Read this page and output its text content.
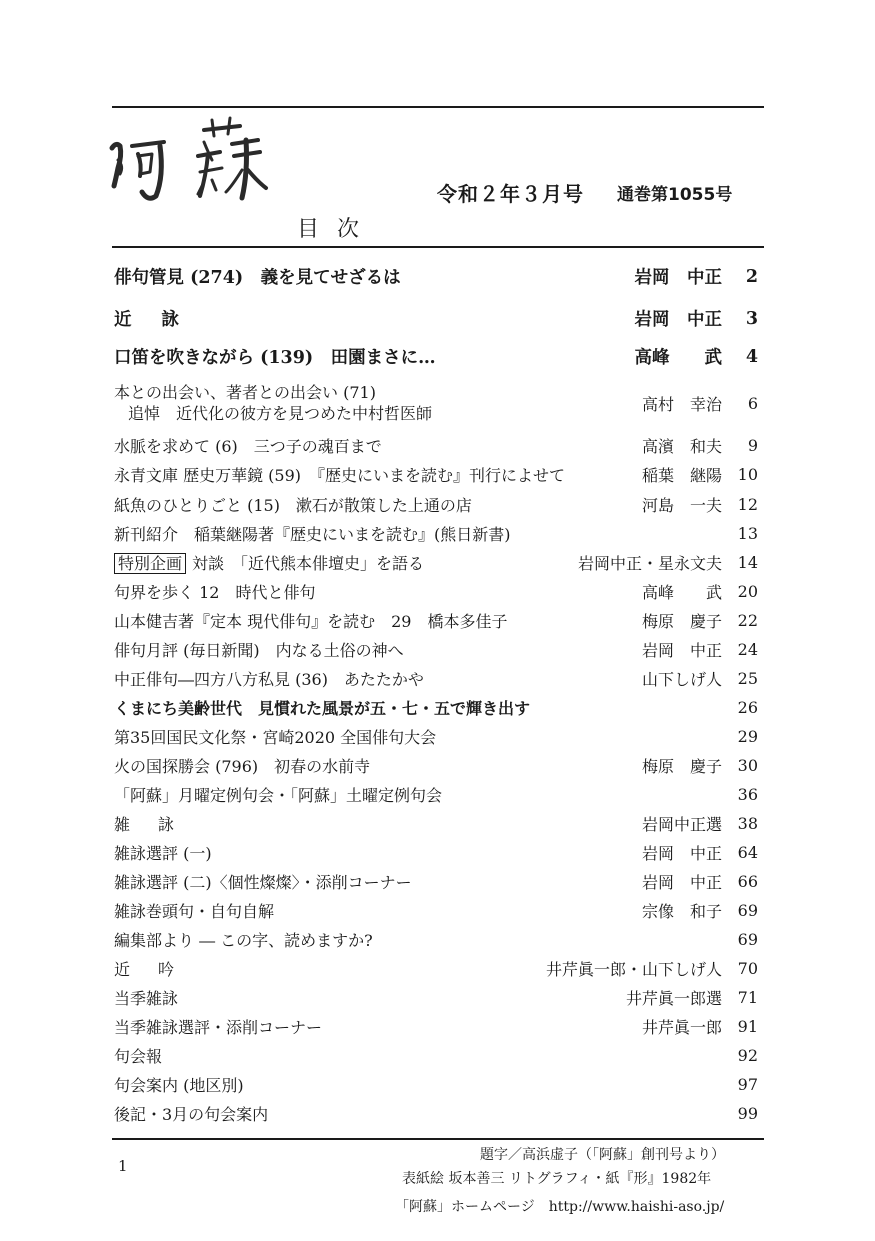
令和２年３月号 通巻第1055号
目次
俳句管見 (274)　義を見てせざるは	岩岡　中正	2
近詠	岩岡　中正	3
口笛を吹きながら (139)　田園まさに…	高峰　　武	4
本との出会い、著者との出会い (71)
追悼　近代化の彼方を見つめた中村哲医師	高村　幸治	6
水脈を求めて (6)　三つ子の魂百まで	高濱　和夫	9
永青文庫 歴史万華鏡 (59)　『歴史にいまを読む』刊行によせて	稲葉　継陽 10
紙魚のひとりごと (15)　漱石が散策した上通の店	河島　一夫 12
新刊紹介　稲葉継陽著『歴史にいまを読む』(熊日新書)	13
特別企画 対談　「近代熊本俳壇史」を語る	岩岡中正・星永文夫 14
句界を歩く 12　時代と俳句	高峰　　武 20
山本健吉著『定本 現代俳句』を読む　29　橋本多佳子	梅原　慶子 22
俳句月評 (毎日新聞)　内なる土俗の神へ	岩岡　中正 24
中正俳句―四方八方私見 (36)　あたたかや	山下しげ人 25
くまにち美齢世代　見慣れた風景が五・七・五で輝き出す	26
第35回国民文化祭・宮崎2020 全国俳句大会	29
火の国探勝会 (796)　初春の水前寺	梅原　慶子 30
「阿蘇」月曜定例句会・「阿蘇」土曜定例句会	36
雑詠	岩岡中正選 38
雑詠選評 (一)	岩岡　中正 64
雑詠選評 (二)〈個性燦燦〉・添削コーナー	岩岡　中正 66
雑詠巻頭句・自句自解	宗像　和子 69
編集部より ― この字、読めますか?	69
近吟	井芹眞一郎・山下しげ人 70
当季雑詠	井芹眞一郎選 71
当季雑詠選評・添削コーナー	井芹眞一郎 91
句会報	92
句会案内 (地区別)	97
後記・3月の句会案内	99
1
題字／高浜虚子（「阿蘇」創刊号より）
表紙絵 坂本善三 リトグラフィ・紙『形』1982年
「阿蘇」ホームページ　http://www.haishi-aso.jp/
